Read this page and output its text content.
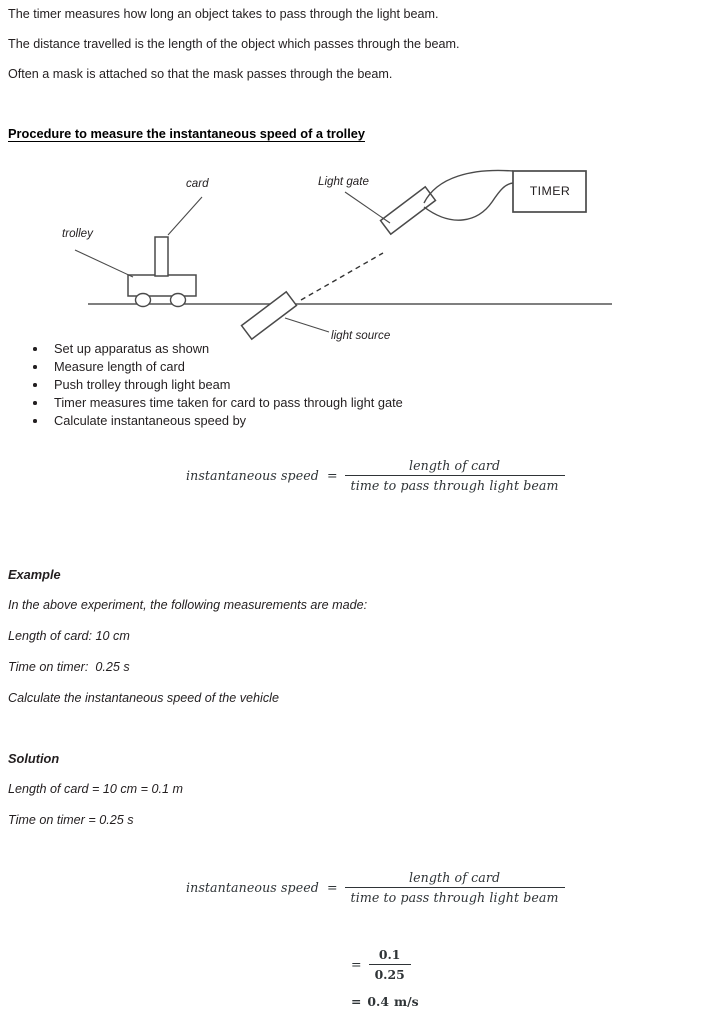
The timer measures how long an object takes to pass through the light beam.
The distance travelled is the length of the object which passes through the beam.
Often a mask is attached so that the mask passes through the beam.
Procedure to measure the instantaneous speed of a trolley
card
trolley
Light gate
light source
TIMER

Set up apparatus as shown

Measure length of card

Push trolley through light beam

Timer measures time taken for card to pass through light gate

Calculate instantaneous speed by

instantaneous speed = $\frac{\text{length of card}}{\text{time to pass through light beam}}$
Example
In the above experiment, the following measurements are made:
Length of card: 10 cm
Time on timer:  0.25 s
Calculate the instantaneous speed of the vehicle
Solution
Length of card = 10 cm = 0.1 m
Time on timer = 0.25 s
instantaneous speed = $\frac{\text{length of card}}{\text{time to pass through light beam}}$
= $\frac{0.1}{0.25}$
= 0.4 m/s
